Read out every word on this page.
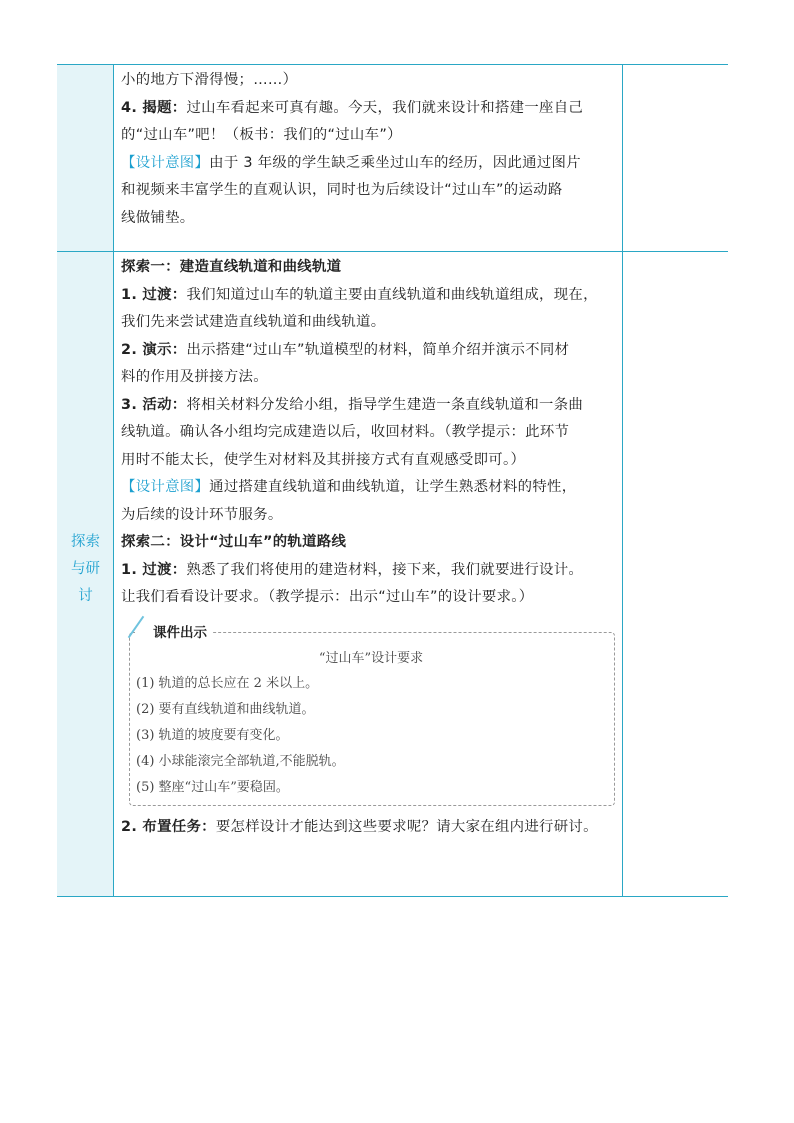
小的地方下滑得慢；……）

4. 揭题：过山车看起来可真有趣。今天，我们就来设计和搭建一座自己

的“过山车”吧！（板书：我们的“过山车”）

【设计意图】由于 3 年级的学生缺乏乘坐过山车的经历，因此通过图片

和视频来丰富学生的直观认识，同时也为后续设计“过山车”的运动路

线做铺垫。

探索
与研
讨

探索一：建造直线轨道和曲线轨道

1. 过渡：我们知道过山车的轨道主要由直线轨道和曲线轨道组成，现在，

我们先来尝试建造直线轨道和曲线轨道。

2. 演示：出示搭建“过山车”轨道模型的材料，简单介绍并演示不同材

料的作用及拼接方法。

3. 活动：将相关材料分发给小组，指导学生建造一条直线轨道和一条曲

线轨道。确认各小组均完成建造以后，收回材料。（教学提示：此环节

用时不能太长，使学生对材料及其拼接方式有直观感受即可。）

【设计意图】通过搭建直线轨道和曲线轨道，让学生熟悉材料的特性，

为后续的设计环节服务。

探索二：设计“过山车”的轨道路线

1. 过渡：熟悉了我们将使用的建造材料，接下来，我们就要进行设计。

让我们看看设计要求。（教学提示：出示“过山车”的设计要求。）

课件出示
“过山车”设计要求
(1) 轨道的总长应在 2 米以上。
(2) 要有直线轨道和曲线轨道。
(3) 轨道的坡度要有变化。
(4) 小球能滚完全部轨道,不能脱轨。
(5) 整座“过山车”要稳固。

2. 布置任务：要怎样设计才能达到这些要求呢？请大家在组内进行研讨。
